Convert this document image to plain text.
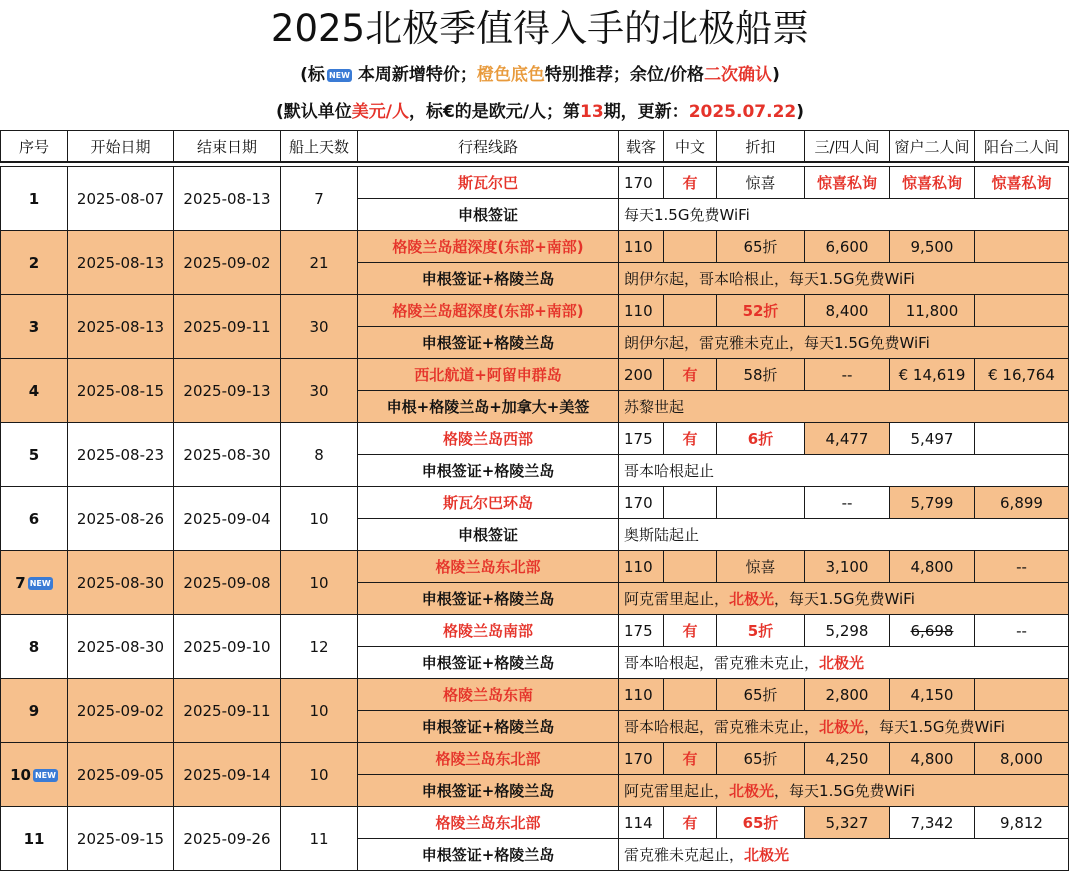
2025北极季值得入手的北极船票
(标 NEW 本周新增特价；橙色底色特别推荐；余位/价格二次确认)
(默认单位美元/人，标€的是欧元/人；第13期，更新：2025.07.22)
序号	开始日期	结束日期	船上天数	行程线路	载客	中文	折扣	三/四人间	窗户二人间	阳台二人间

1	2025-08-07	2025-08-13	7	斯瓦尔巴	170	有	惊喜	惊喜私询	惊喜私询	惊喜私询
				申根签证	每天1.5G免费WiFi					
2	2025-08-13	2025-09-02	21	格陵兰岛超深度(东部+南部)	110		65折	6,600	9,500	
				申根签证+格陵兰岛	朗伊尔起，哥本哈根止，每天1.5G免费WiFi					
3	2025-08-13	2025-09-11	30	格陵兰岛超深度(东部+南部)	110		52折	8,400	11,800	
				申根签证+格陵兰岛	朗伊尔起，雷克雅未克止，每天1.5G免费WiFi					
4	2025-08-15	2025-09-13	30	西北航道+阿留申群岛	200	有	58折	--	€ 14,619	€ 16,764
				申根+格陵兰岛+加拿大+美签	苏黎世起					
5	2025-08-23	2025-08-30	8	格陵兰岛西部	175	有	6折	4,477	5,497	
				申根签证+格陵兰岛	哥本哈根起止					
6	2025-08-26	2025-09-04	10	斯瓦尔巴环岛	170			--	5,799	6,899
				申根签证	奥斯陆起止					
7 NEW	2025-08-30	2025-09-08	10	格陵兰岛东北部	110		惊喜	3,100	4,800	--
				申根签证+格陵兰岛	阿克雷里起止，北极光，每天1.5G免费WiFi					
8	2025-08-30	2025-09-10	12	格陵兰岛南部	175	有	5折	5,298	6,698	--
				申根签证+格陵兰岛	哥本哈根起，雷克雅未克止，北极光					
9	2025-09-02	2025-09-11	10	格陵兰岛东南	110		65折	2,800	4,150	
				申根签证+格陵兰岛	哥本哈根起，雷克雅未克止，北极光，每天1.5G免费WiFi					
10 NEW	2025-09-05	2025-09-14	10	格陵兰岛东北部	170	有	65折	4,250	4,800	8,000
				申根签证+格陵兰岛	阿克雷里起止，北极光，每天1.5G免费WiFi					
11	2025-09-15	2025-09-26	11	格陵兰岛东北部	114	有	65折	5,327	7,342	9,812
				申根签证+格陵兰岛	雷克雅未克起止，北极光					
